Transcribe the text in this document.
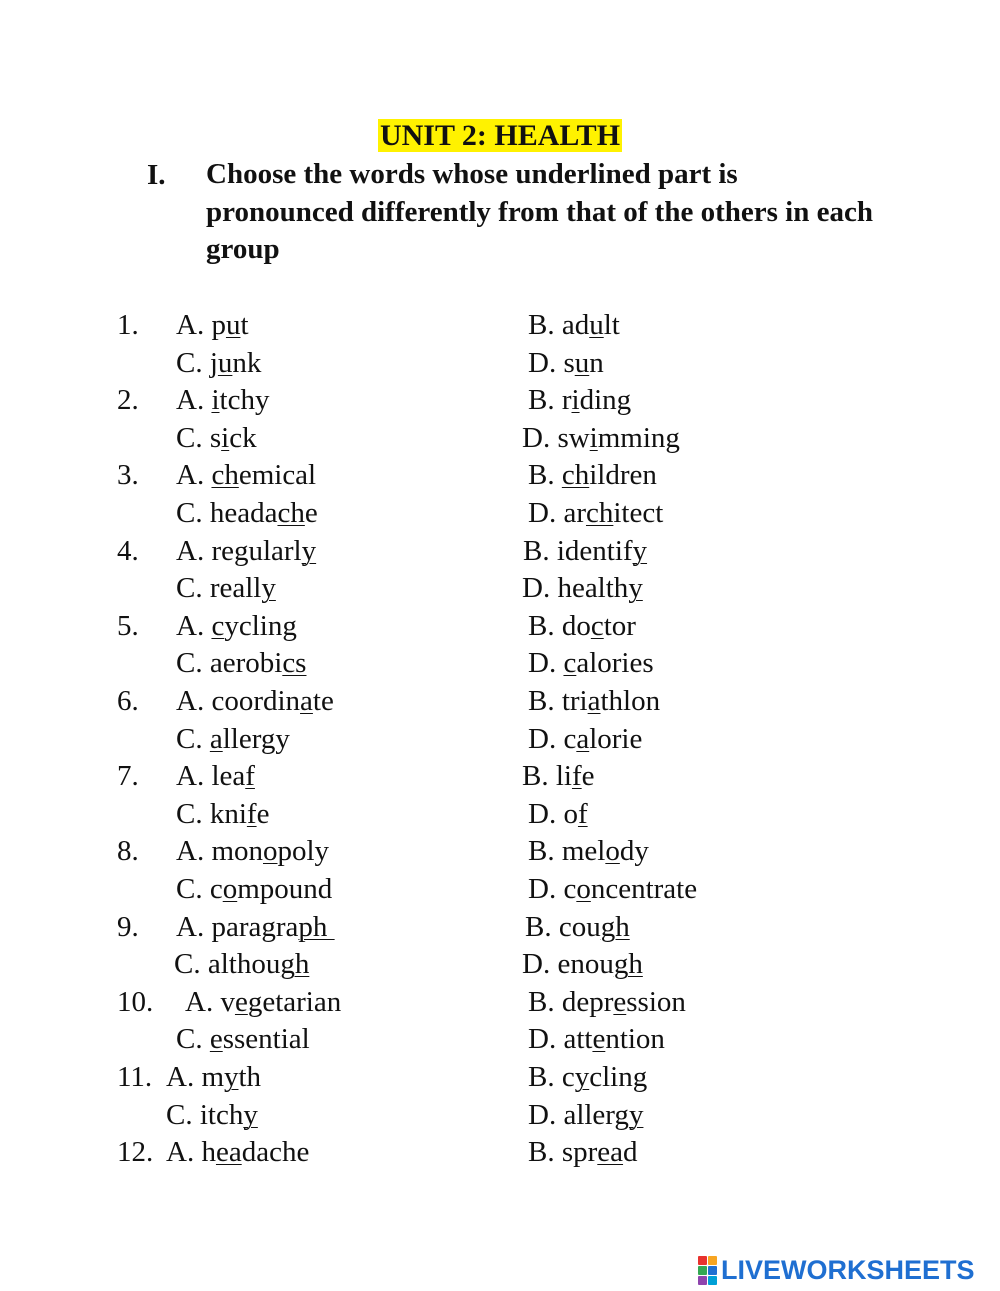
UNIT 2: HEALTH
I. Choose the words whose underlined part is pronounced differently from that of the others in each group
1. A. put	B. adult
C. junk	D. sun
2. A. itchy	B. riding
C. sick	D. swimming
3. A. chemical	B. children
C. headache	D. architect
4. A. regularly	B. identify
C. really	D. healthy
5. A. cycling	B. doctor
C. aerobics	D. calories
6. A. coordinate	B. triathlon
C. allergy	D. calorie
7. A. leaf	B. life
C. knife	D. of
8. A. monopoly	B. melody
C. compound	D. concentrate
9. A. paragraph	B. cough
C. although	D. enough
10. A. vegetarian	B. depression
C. essential	D. attention
11. A. myth	B. cycling
C. itchy	D. allergy
12. A. headache	B. spread
LIVEWORKSHEETS
